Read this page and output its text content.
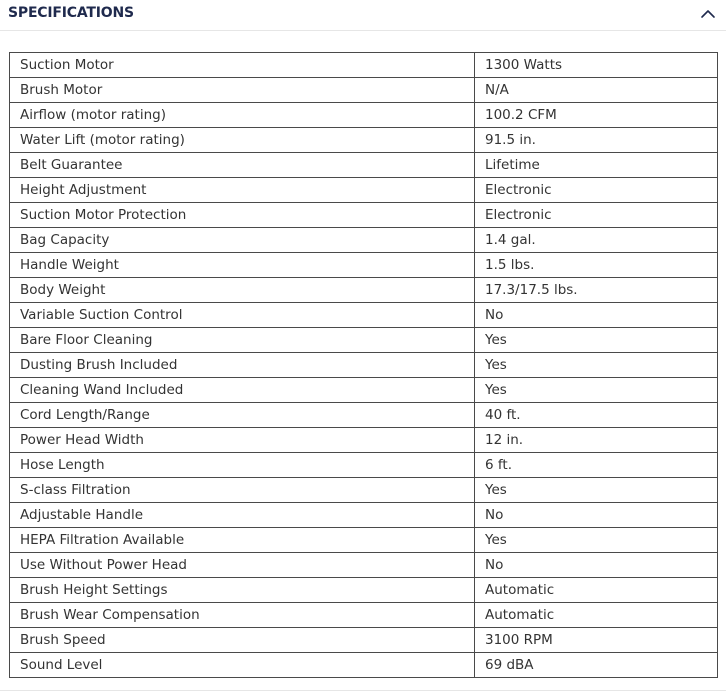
SPECIFICATIONS
Suction Motor	1300 Watts
Brush Motor	N/A
Airflow (motor rating)	100.2 CFM
Water Lift (motor rating)	91.5 in.
Belt Guarantee	Lifetime
Height Adjustment	Electronic
Suction Motor Protection	Electronic
Bag Capacity	1.4 gal.
Handle Weight	1.5 lbs.
Body Weight	17.3/17.5 lbs.
Variable Suction Control	No
Bare Floor Cleaning	Yes
Dusting Brush Included	Yes
Cleaning Wand Included	Yes
Cord Length/Range	40 ft.
Power Head Width	12 in.
Hose Length	6 ft.
S-class Filtration	Yes
Adjustable Handle	No
HEPA Filtration Available	Yes
Use Without Power Head	No
Brush Height Settings	Automatic
Brush Wear Compensation	Automatic
Brush Speed	3100 RPM
Sound Level	69 dBA
